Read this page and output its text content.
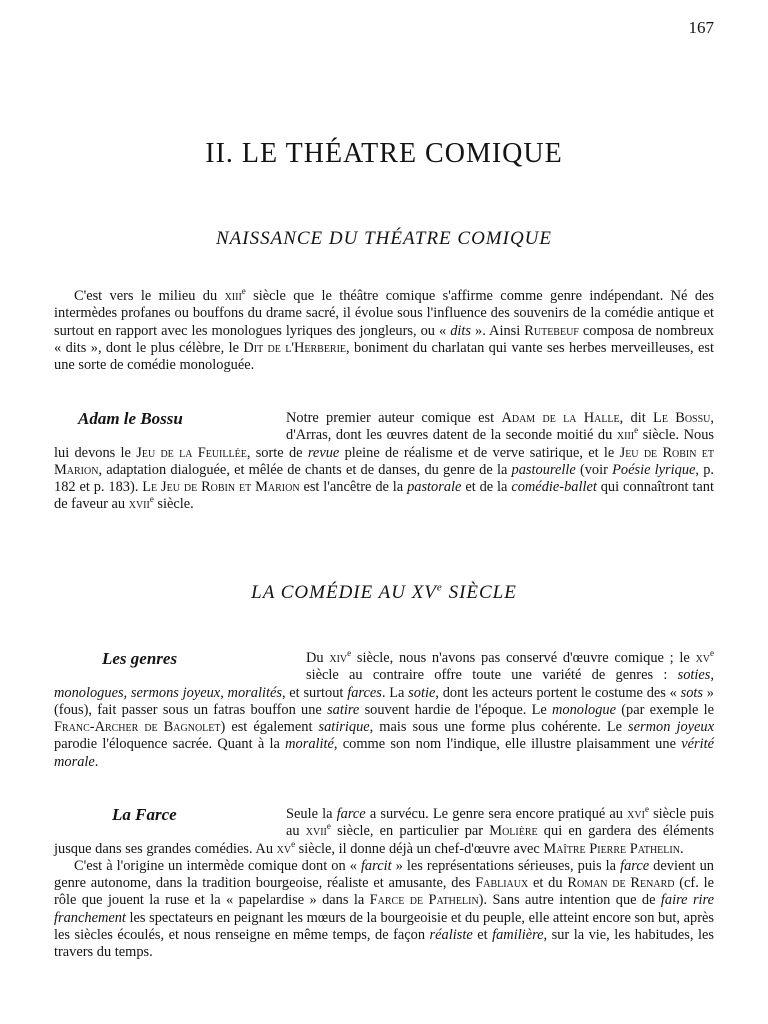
167
II. LE THÉATRE COMIQUE
NAISSANCE DU THÉATRE COMIQUE

C'est vers le milieu du xiii$^e$ siècle que le théâtre comique s'affirme comme genre indépendant. Né des intermèdes profanes ou bouffons du drame sacré, il évolue sous l'influence des souvenirs de la comédie antique et surtout en rapport avec les monologues lyriques des jongleurs, ou « dits ». Ainsi Rutebeuf composa de nombreux « dits », dont le plus célèbre, le Dit de l'Herberie, boniment du charlatan qui vante ses herbes merveilleuses, est une sorte de comédie monologuée.

Adam le Bossu	Notre premier auteur comique est Adam de la Halle, dit Le Bossu, d'Arras, dont les œuvres datent de la seconde moitié du xiii$^e$ siècle. Nous lui devons le Jeu de la Feuillée, sorte de revue pleine de réalisme et de verve satirique, et le Jeu de Robin et Marion, adaptation dialoguée, et mêlée de chants et de danses, du genre de la pastourelle (voir Poésie lyrique, p. 182 et p. 183). Le Jeu de Robin et Marion est l'ancêtre de la pastorale et de la comédie-ballet qui connaîtront tant de faveur au xvii$^e$ siècle.

LA COMÉDIE AU XVe SIÈCLE

Les genres	Du xiv$^e$ siècle, nous n'avons pas conservé d'œuvre comique ; le $xv^e$ siècle au contraire offre toute une variété de genres : soties, monologues, sermons joyeux, moralités, et surtout farces. La sotie, dont les acteurs portent le costume des « sots » (fous), fait passer sous un fatras bouffon une satire souvent hardie de l'époque. Le monologue (par exemple le Franc-Archer de Bagnolet) est également satirique, mais sous une forme plus cohérente. Le sermon joyeux parodie l'éloquence sacrée. Quant à la moralité, comme son nom l'indique, elle illustre plaisamment une vérité morale.

La Farce	Seule la farce a survécu. Le genre sera encore pratiqué au xvi$^e$ siècle puis au xvii$^e$ siècle, en particulier par Molière qui en gardera des éléments jusque dans ses grandes comédies. Au $xv^e$ siècle, il donne déjà un chef-d'œuvre avec Maître Pierre Pathelin.

C'est à l'origine un intermède comique dont on « farcit » les représentations sérieuses, puis la farce devient un genre autonome, dans la tradition bourgeoise, réaliste et amusante, des Fabliaux et du Roman de Renard (cf. le rôle que jouent la ruse et la « papelardise » dans la Farce de Pathelin). Sans autre intention que de faire rire franchement les spectateurs en peignant les mœurs de la bourgeoisie et du peuple, elle atteint encore son but, après les siècles écoulés, et nous renseigne en même temps, de façon réaliste et familière, sur la vie, les habitudes, les travers du temps.
